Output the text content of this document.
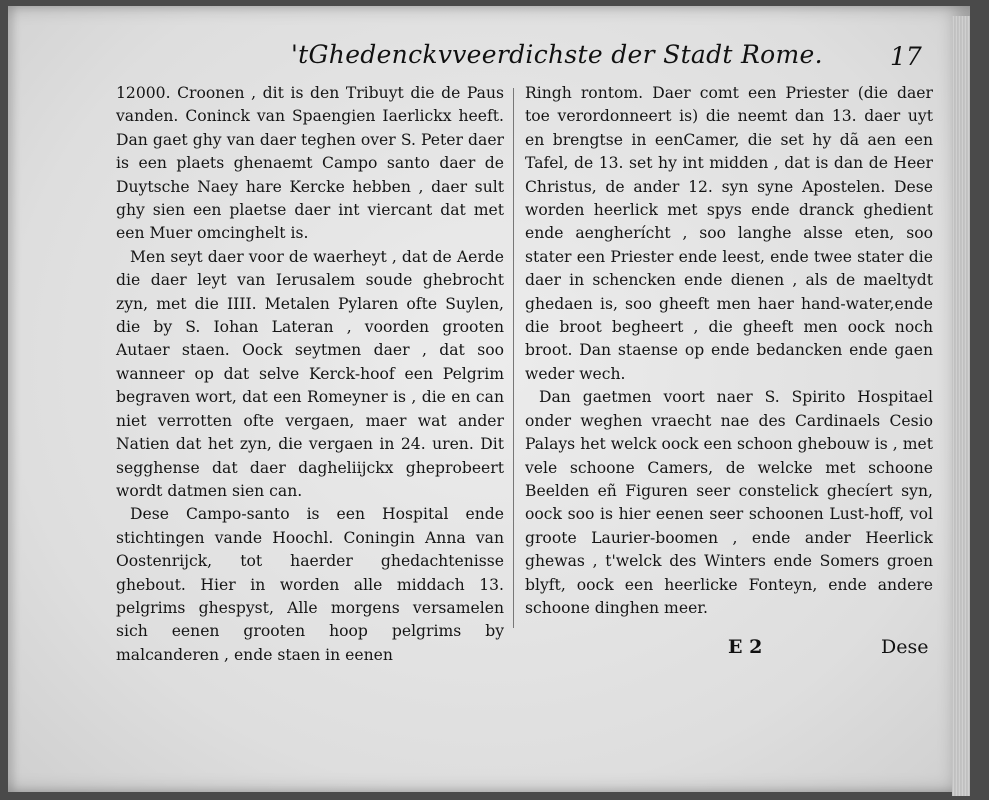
'tGhedenckvveerdichste der Stadt Rome.	17

12000. Croonen , dit is den Tribuyt die de Paus vanden. Coninck van Spaengien Iaerlickx heeft. Dan gaet ghy van daer teghen over S. Peter daer is een plaets ghenaemt Campo santo daer de Duytsche Naey hare Kercke hebben , daer sult ghy sien een plaetse daer int viercant dat met een Muer omcinghelt is.

Men seyt daer voor de waerheyt , dat de Aerde die daer leyt van Ierusalem soude ghebrocht zyn, met die IIII. Metalen Pylaren ofte Suylen, die by S. Iohan Lateran , voorden grooten Autaer staen. Oock seytmen daer , dat soo wanneer op dat selve Kerck-hoof een Pelgrim begraven wort, dat een Romeyner is , die en can niet verrotten ofte vergaen, maer wat ander Natien dat het zyn, die vergaen in 24. uren. Dit segghense dat daer dagheliijckx gheprobeert wordt datmen sien can.

Dese Campo-santo is een Hospital ende stichtingen vande Hoochl. Coningin Anna van Oostenrijck, tot haerder ghedachtenisse ghebout. Hier in worden alle middach 13. pelgrims ghespyst, Alle morgens versamelen sich eenen grooten hoop pelgrims by malcanderen , ende staen in eenen

Ringh rontom. Daer comt een Priester (die daer toe verordonneert is) die neemt dan 13. daer uyt en brengtse in eenCamer, die set hy dã aen een Tafel, de 13. set hy int midden , dat is dan de Heer Christus, de ander 12. syn syne Apostelen. Dese worden heerlick met spys ende dranck ghedient ende aengherícht , soo langhe alsse eten, soo stater een Priester ende leest, ende twee stater die daer in schencken ende dienen , als de maeltydt ghedaen is, soo gheeft men haer hand-water,ende die broot begheert , die gheeft men oock noch broot. Dan staense op ende bedancken ende gaen weder wech.

Dan gaetmen voort naer S. Spirito Hospitael onder weghen vraecht nae des Cardinaels Cesio Palays het welck oock een schoon ghebouw is , met vele schoone Camers, de welcke met schoone Beelden eñ Figuren seer constelick ghecíert syn, oock soo is hier eenen seer schoonen Lust-hoff, vol groote Laurier-boomen , ende ander Heerlick ghewas , t'welck des Winters ende Somers groen blyft, oock een heerlicke Fonteyn, ende andere schoone dinghen meer.

E 2	Dese
